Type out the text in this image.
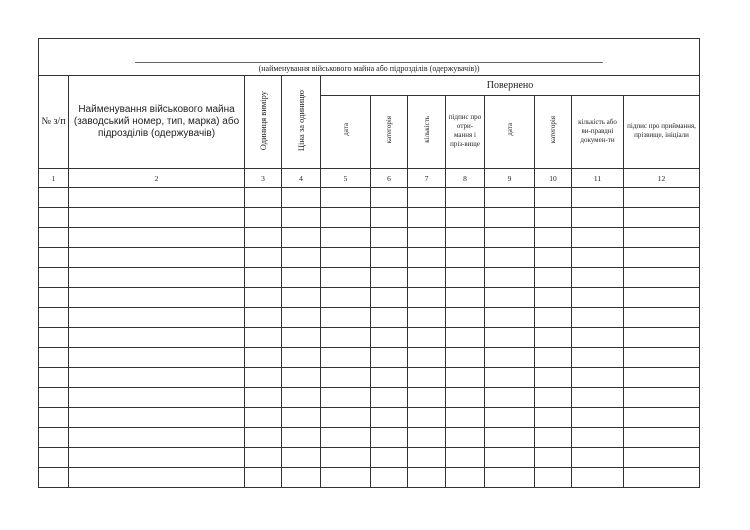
(найменування військового майна або підрозділів (одержувачів))											

№ з/п	Найменування військового майна (заводський номер, тип, марка) або підрозділів (одержувачів)	Одиниця виміру	Ціна за одиницю	Повернено							
				дата	категорія	кількість	підпис про отри-мання і пріз-вище	дата	категорія	кількість або ви-правдні докумен-ти	підпис про приймання, прізвище, ініціали
1	2	3	4	5	6	7	8	9	10	11	12
